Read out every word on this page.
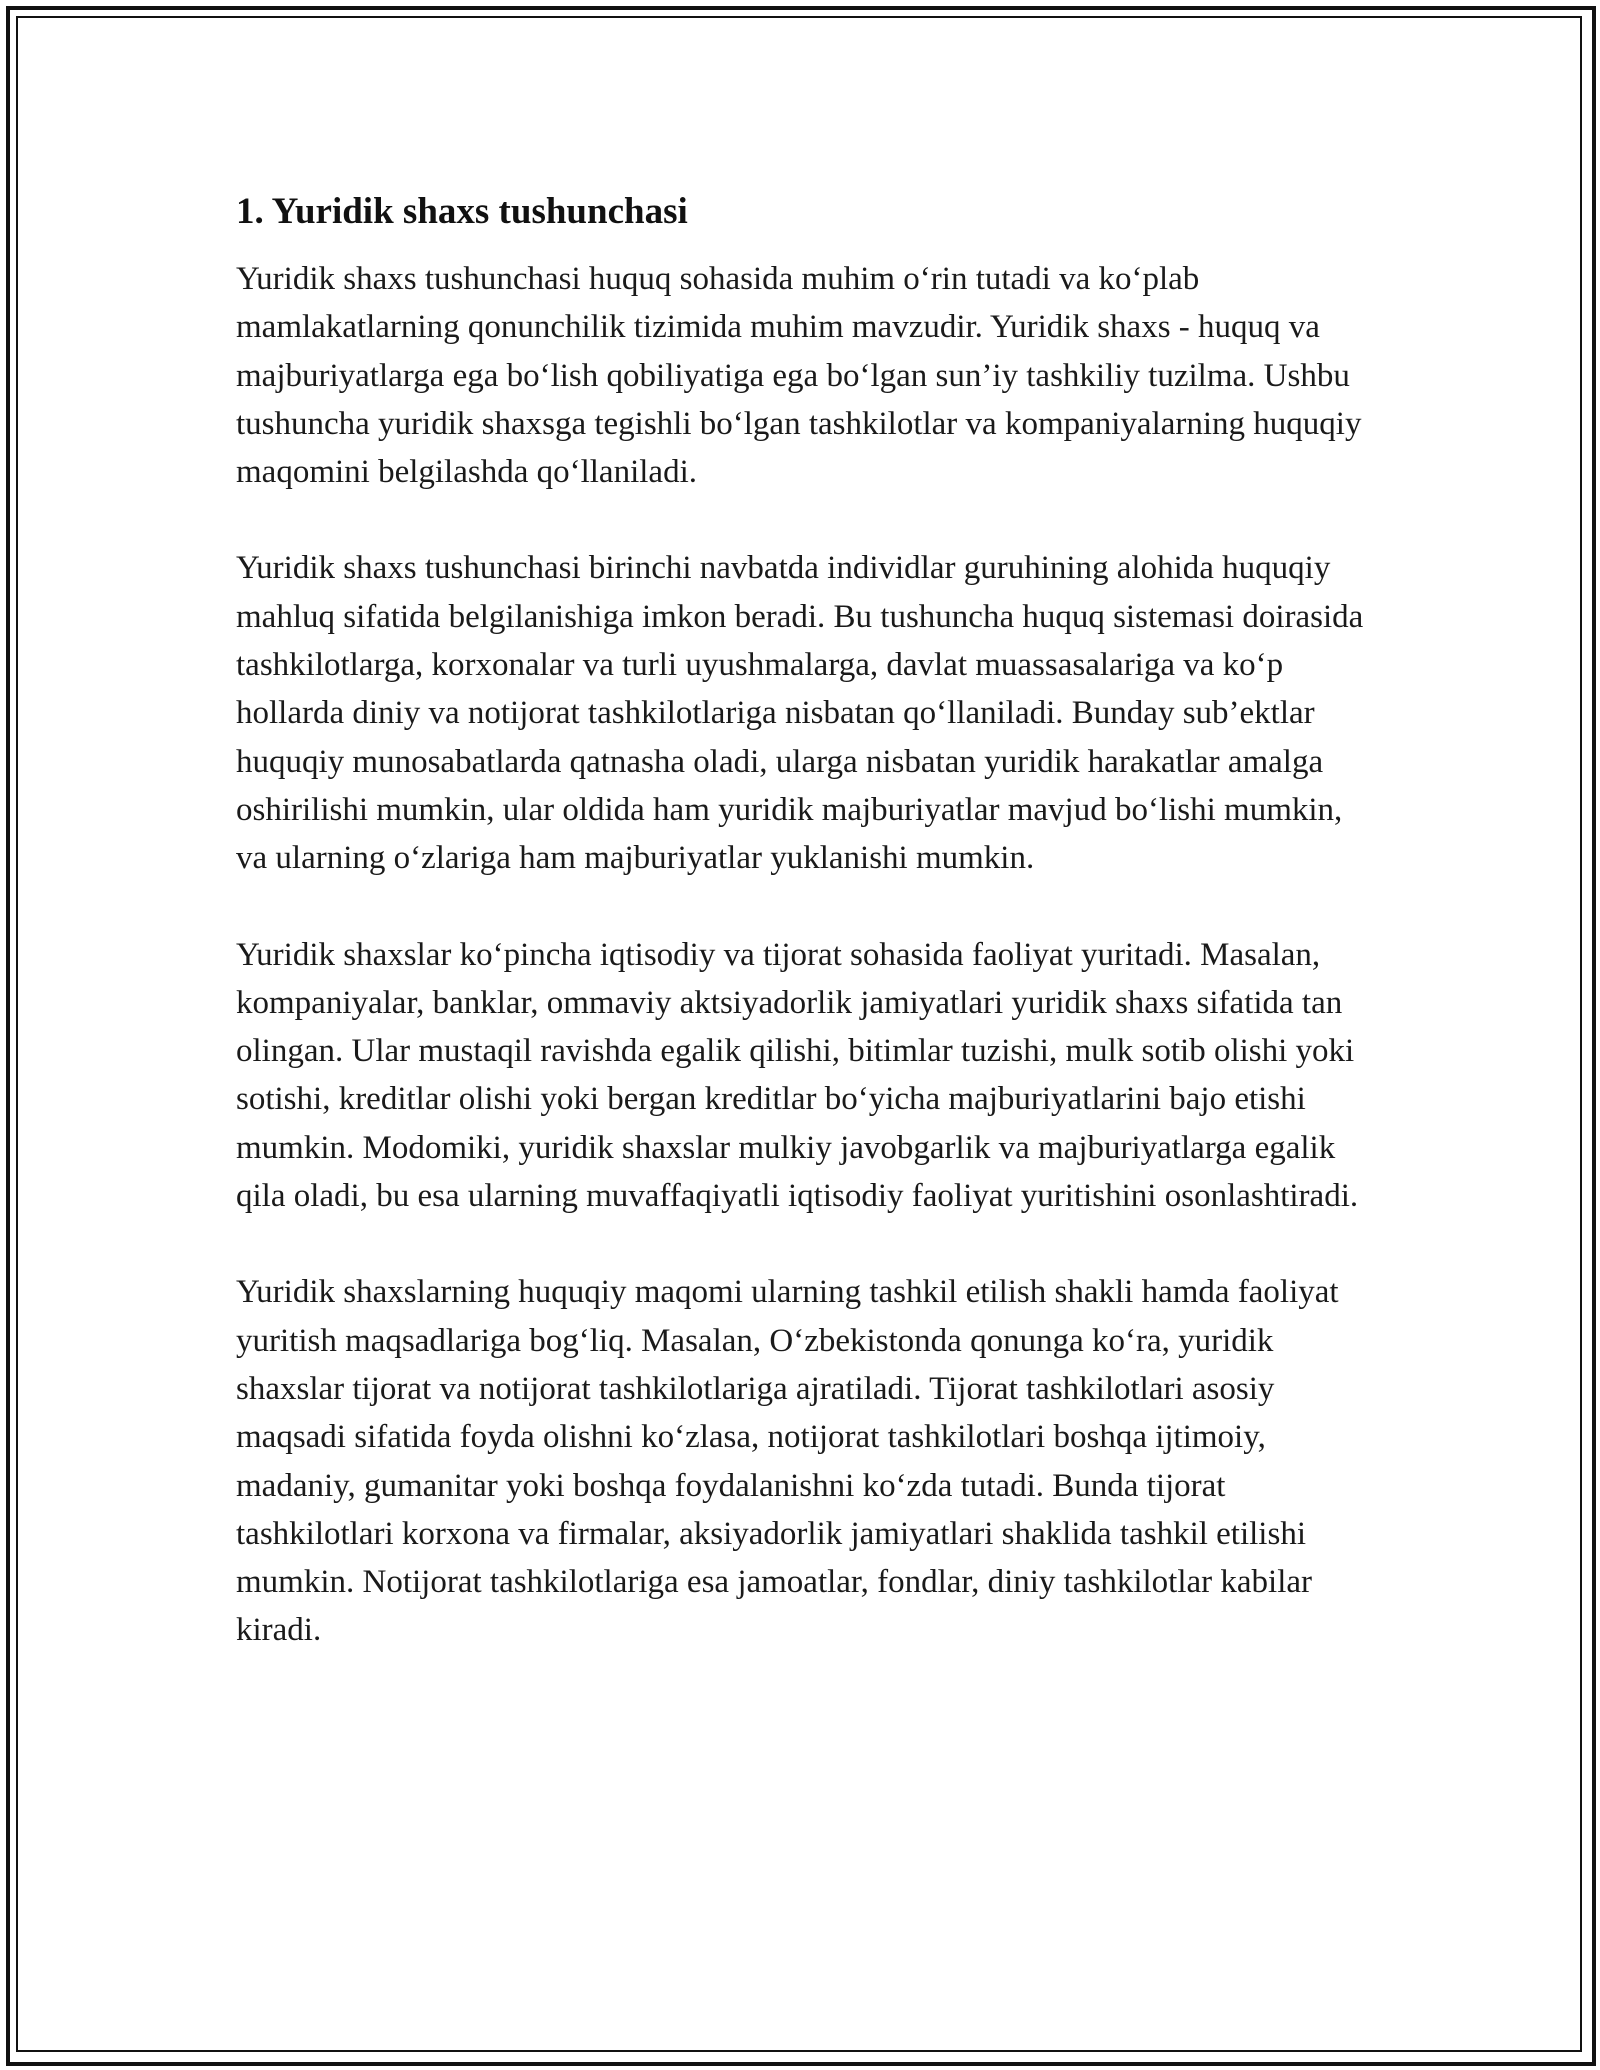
1. Yuridik shaxs tushunchasi

Yuridik shaxs tushunchasi huquq sohasida muhim o‘rin tutadi va ko‘plab mamlakatlarning qonunchilik tizimida muhim mavzudir. Yuridik shaxs - huquq va majburiyatlarga ega bo‘lish qobiliyatiga ega bo‘lgan sun’iy tashkiliy tuzilma. Ushbu tushuncha yuridik shaxsga tegishli bo‘lgan tashkilotlar va kompaniyalarning huquqiy maqomini belgilashda qo‘llaniladi.

Yuridik shaxs tushunchasi birinchi navbatda individlar guruhining alohida huquqiy mahluq sifatida belgilanishiga imkon beradi. Bu tushuncha huquq sistemasi doirasida tashkilotlarga, korxonalar va turli uyushmalarga, davlat muassasalariga va ko‘p hollarda diniy va notijorat tashkilotlariga nisbatan qo‘llaniladi. Bunday sub’ektlar huquqiy munosabatlarda qatnasha oladi, ularga nisbatan yuridik harakatlar amalga oshirilishi mumkin, ular oldida ham yuridik majburiyatlar mavjud bo‘lishi mumkin, va ularning o‘zlariga ham majburiyatlar yuklanishi mumkin.

Yuridik shaxslar ko‘pincha iqtisodiy va tijorat sohasida faoliyat yuritadi. Masalan, kompaniyalar, banklar, ommaviy aktsiyadorlik jamiyatlari yuridik shaxs sifatida tan olingan. Ular mustaqil ravishda egalik qilishi, bitimlar tuzishi, mulk sotib olishi yoki sotishi, kreditlar olishi yoki bergan kreditlar bo‘yicha majburiyatlarini bajo etishi mumkin. Modomiki, yuridik shaxslar mulkiy javobgarlik va majburiyatlarga egalik qila oladi, bu esa ularning muvaffaqiyatli iqtisodiy faoliyat yuritishini osonlashtiradi.

Yuridik shaxslarning huquqiy maqomi ularning tashkil etilish shakli hamda faoliyat yuritish maqsadlariga bog‘liq. Masalan, O‘zbekistonda qonunga ko‘ra, yuridik shaxslar tijorat va notijorat tashkilotlariga ajratiladi. Tijorat tashkilotlari asosiy maqsadi sifatida foyda olishni ko‘zlasa, notijorat tashkilotlari boshqa ijtimoiy, madaniy, gumanitar yoki boshqa foydalanishni ko‘zda tutadi. Bunda tijorat tashkilotlari korxona va firmalar, aksiyadorlik jamiyatlari shaklida tashkil etilishi mumkin. Notijorat tashkilotlariga esa jamoatlar, fondlar, diniy tashkilotlar kabilar kiradi.
